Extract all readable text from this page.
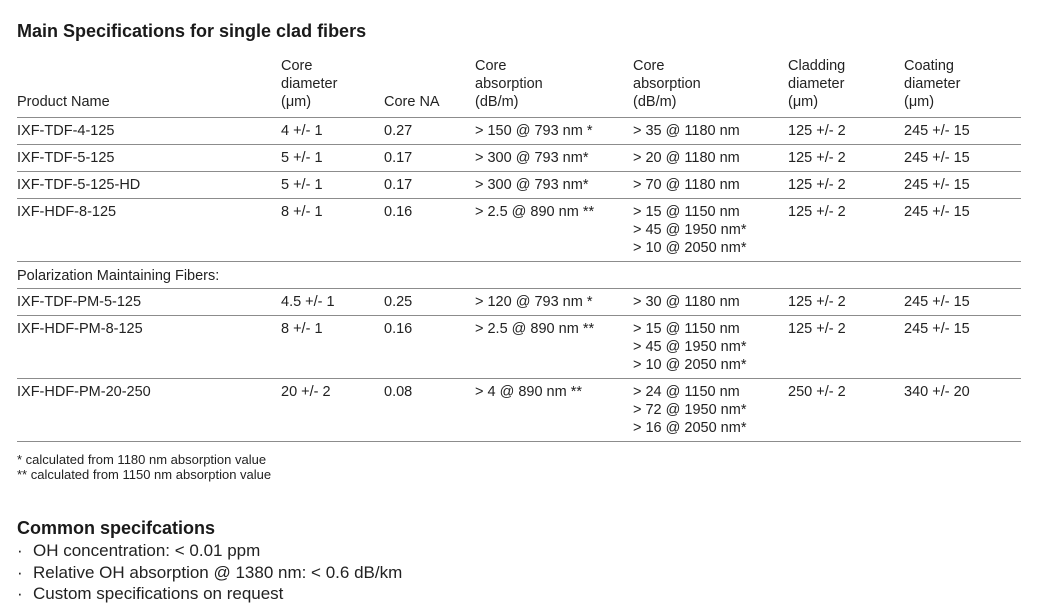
Main Specifications for single clad fibers
Product Name	Core
diameter
(μm)	Core NA	Core
absorption
(dB/m)	Core
absorption
(dB/m)	Cladding
diameter
(μm)	Coating
diameter
(μm)
IXF-TDF-4-125	4 +/- 1	0.27	> 150 @ 793 nm *	> 35 @ 1180 nm	125 +/- 2	245 +/- 15
IXF-TDF-5-125	5 +/- 1	0.17	> 300 @ 793 nm*	> 20 @ 1180 nm	125 +/- 2	245 +/- 15
IXF-TDF-5-125-HD	5 +/- 1	0.17	> 300 @ 793 nm*	> 70 @ 1180 nm	125 +/- 2	245 +/- 15
IXF-HDF-8-125	8 +/- 1	0.16	> 2.5 @ 890 nm **	> 15 @ 1150 nm
> 45 @ 1950 nm*
> 10 @ 2050 nm*	125 +/- 2	245 +/- 15
Polarization Maintaining Fibers:						
IXF-TDF-PM-5-125	4.5 +/- 1	0.25	> 120 @ 793 nm *	> 30 @ 1180 nm	125 +/- 2	245 +/- 15
IXF-HDF-PM-8-125	8 +/- 1	0.16	> 2.5 @ 890 nm **	> 15 @ 1150 nm
> 45 @ 1950 nm*
> 10 @ 2050 nm*	125 +/- 2	245 +/- 15
IXF-HDF-PM-20-250	20 +/- 2	0.08	> 4 @ 890 nm **	> 24 @ 1150 nm
> 72 @ 1950 nm*
> 16 @ 2050 nm*	250 +/- 2	340 +/- 20
* calculated from 1180 nm absorption value
** calculated from 1150 nm absorption value
Common specifcations
· OH concentration: < 0.01 ppm
· Relative OH absorption @ 1380 nm: < 0.6 dB/km
· Custom specifications on request
